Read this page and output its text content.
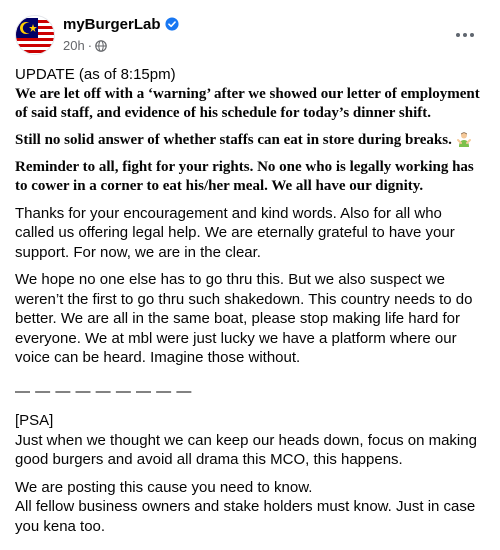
myBurgerLab
20h ·

UPDATE (as of 8:15pm)

We are let off with a ‘warning’ after we showed our letter of employment of said staff, and evidence of his schedule for today’s dinner shift.

Still no solid answer of whether staffs can eat in store during breaks.

Reminder to all, fight for your rights. No one who is legally working has to cower in a corner to eat his/her meal. We all have our dignity.

Thanks for your encouragement and kind words. Also for all who called us offering legal help. We are eternally grateful to have your support. For now, we are in the clear.

We hope no one else has to go thru this. But we also suspect we weren’t the first to go thru such shakedown. This country needs to do better. We are all in the same boat, please stop making life hard for everyone. We at mbl were just lucky we have a platform where our voice can be heard. Imagine those without.

— — — — — — — — —

[PSA]

Just when we thought we can keep our heads down, focus on making good burgers and avoid all drama this MCO, this happens.

We are posting this cause you need to know.

All fellow business owners and stake holders must know. Just in case you kena too.
